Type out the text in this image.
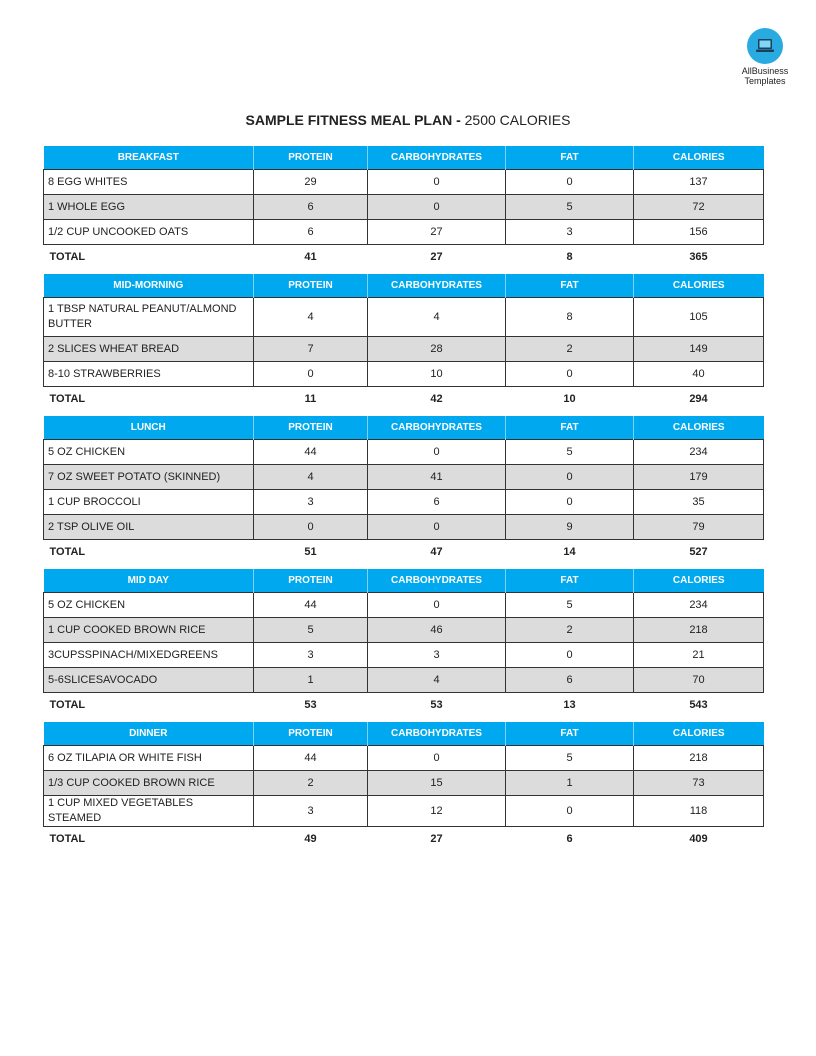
AllBusiness
Templates
SAMPLE FITNESS MEAL PLAN - 2500 CALORIES
BREAKFAST	PROTEIN	CARBOHYDRATES	FAT	CALORIES
8 EGG WHITES	29	0	0	137
1 WHOLE EGG	6	0	5	72
1/2 CUP UNCOOKED OATS	6	27	3	156
TOTAL	41	27	8	365
MID-MORNING	PROTEIN	CARBOHYDRATES	FAT	CALORIES
1 TBSP NATURAL PEANUT/ALMOND BUTTER	4	4	8	105
2 SLICES WHEAT BREAD	7	28	2	149
8-10 STRAWBERRIES	0	10	0	40
TOTAL	11	42	10	294
LUNCH	PROTEIN	CARBOHYDRATES	FAT	CALORIES
5 OZ CHICKEN	44	0	5	234
7 OZ SWEET POTATO (SKINNED)	4	41	0	179
1 CUP BROCCOLI	3	6	0	35
2 TSP OLIVE OIL	0	0	9	79
TOTAL	51	47	14	527
MID DAY	PROTEIN	CARBOHYDRATES	FAT	CALORIES
5 OZ CHICKEN	44	0	5	234
1 CUP COOKED BROWN RICE	5	46	2	218
3CUPSSPINACH/MIXEDGREENS	3	3	0	21
5-6SLICESAVOCADO	1	4	6	70
TOTAL	53	53	13	543
DINNER	PROTEIN	CARBOHYDRATES	FAT	CALORIES
6 OZ TILAPIA OR WHITE FISH	44	0	5	218
1/3 CUP COOKED BROWN RICE	2	15	1	73
1 CUP MIXED VEGETABLES STEAMED	3	12	0	118
TOTAL	49	27	6	409
